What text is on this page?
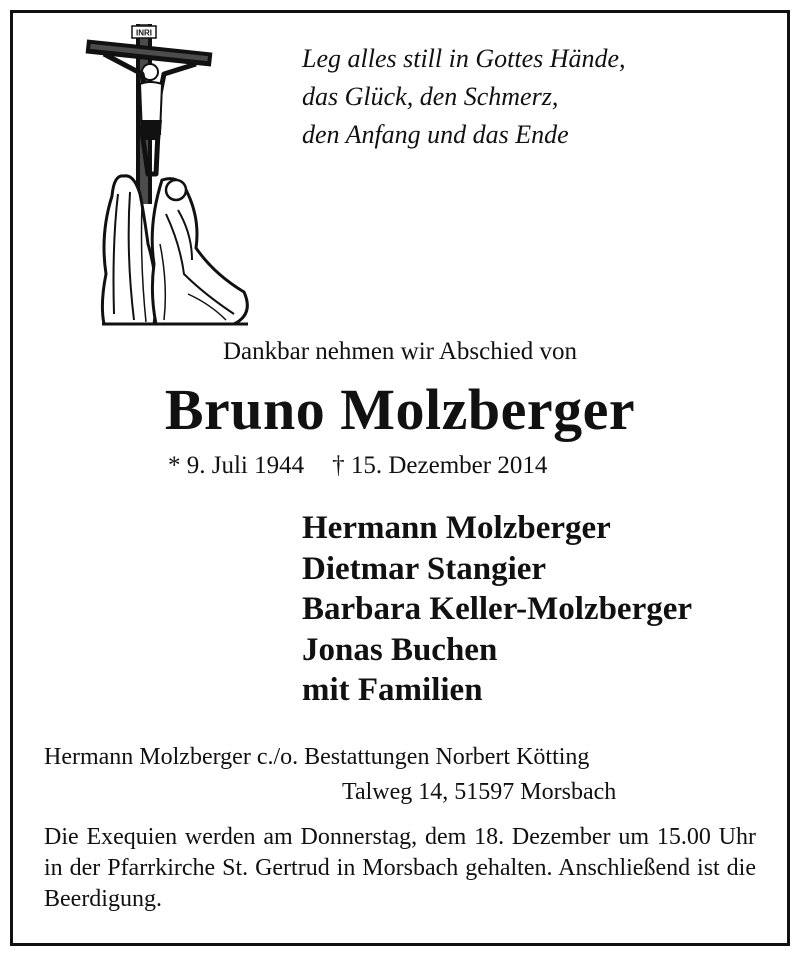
Leg alles still in Gottes Hände,
das Glück, den Schmerz,
den Anfang und das Ende
INRI
Dankbar nehmen wir Abschied von
Bruno Molzberger
* 9. Juli 1944 † 15. Dezember 2014
Hermann Molzberger
Dietmar Stangier
Barbara Keller-Molzberger
Jonas Buchen
mit Familien
Hermann Molzberger c./o. Bestattungen Norbert Kötting
Talweg 14, 51597 Morsbach
Die Exequien werden am Donnerstag, dem 18. Dezember um 15.00 Uhr in der Pfarrkirche St. Gertrud in Morsbach gehalten. Anschließend ist die Beerdigung.
